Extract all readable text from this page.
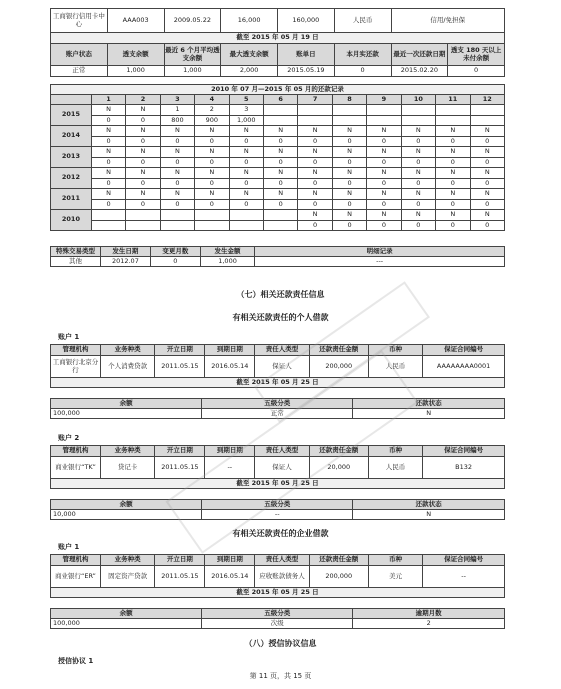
工商银行信用卡中心	AAA003	2009.05.22	16,000	160,000	人民币	信用/免担保	
截至 2015 年 05 月 19 日							
账户状态	透支余额	最近 6 个月平均透支余额	最大透支余额	账单日	本月实还款	最近一次还款日期	透支 180 天以上未付余额
正常	1,000	1,000	2,000	2015.05.19	0	2015.02.20	0
2010 年 07 月—2015 年 05 月的还款记录												
	1	2	3	4	5	6	7	8	9	10	11	12
2015	N	N	1	2	3							
	0	0	800	900	1,000							
2014	N	N	N	N	N	N	N	N	N	N	N	N
	0	0	0	0	0	0	0	0	0	0	0	0
2013	N	N	N	N	N	N	N	N	N	N	N	N
	0	0	0	0	0	0	0	0	0	0	0	0
2012	N	N	N	N	N	N	N	N	N	N	N	N
	0	0	0	0	0	0	0	0	0	0	0	0
2011	N	N	N	N	N	N	N	N	N	N	N	N
	0	0	0	0	0	0	0	0	0	0	0	0
2010							N	N	N	N	N	N
							0	0	0	0	0	0
特殊交易类型	发生日期	变更月数	发生金额	明细记录
其他	2012.07	0	1,000	---
（七）相关还款责任信息
有相关还款责任的个人借款
账户 1
管理机构	业务种类	开立日期	到期日期	责任人类型	还款责任金额	币种	保证合同编号
工商银行北京分行	个人消费贷款	2011.05.15	2016.05.14	保证人	200,000	人民币	AAAAAAAA0001
截至 2015 年 05 月 25 日							
余额	五级分类	还款状态
100,000	正常	N
账户 2
管理机构	业务种类	开立日期	到期日期	责任人类型	还款责任金额	币种	保证合同编号
商业银行“TK”	贷记卡	2011.05.15	--	保证人	20,000	人民币	B132
截至 2015 年 05 月 25 日							
余额	五级分类	还款状态
10,000	--	N
有相关还款责任的企业借款
账户 1
管理机构	业务种类	开立日期	到期日期	责任人类型	还款责任金额	币种	保证合同编号
商业银行“ER”	固定资产贷款	2011.05.15	2016.05.14	应收账款债务人	200,000	美元	--
截至 2015 年 05 月 25 日							
余额	五级分类	逾期月数
100,000	次级	2
（八）授信协议信息
授信协议 1
第 11 页，共 15 页
